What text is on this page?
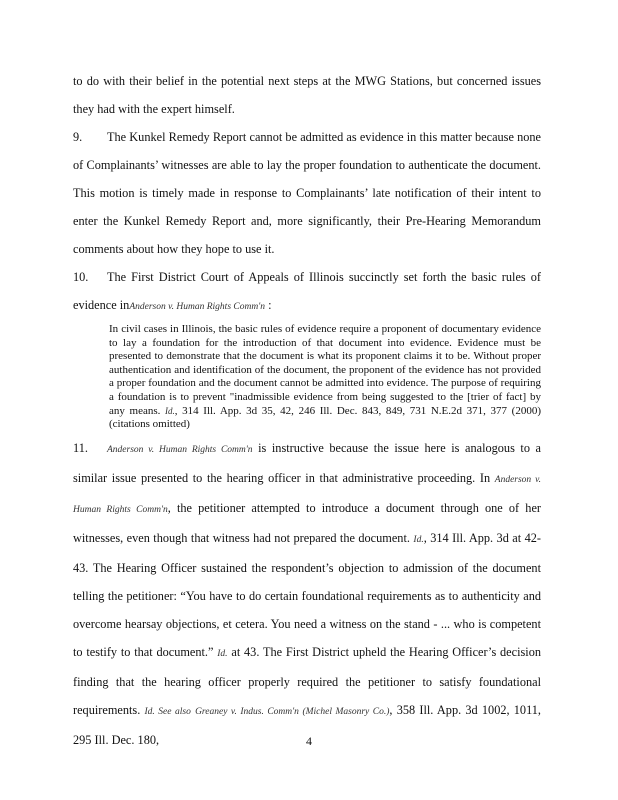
to do with their belief in the potential next steps at the MWG Stations, but concerned issues they had with the expert himself.

9. The Kunkel Remedy Report cannot be admitted as evidence in this matter because none of Complainants’ witnesses are able to lay the proper foundation to authenticate the document. This motion is timely made in response to Complainants’ late notification of their intent to enter the Kunkel Remedy Report and, more significantly, their Pre-Hearing Memorandum comments about how they hope to use it.

10. The First District Court of Appeals of Illinois succinctly set forth the basic rules of evidence inAnderson v. Human Rights Comm'n :

In civil cases in Illinois, the basic rules of evidence require a proponent of documentary evidence to lay a foundation for the introduction of that document into evidence. Evidence must be presented to demonstrate that the document is what its proponent claims it to be. Without proper authentication and identification of the document, the proponent of the evidence has not provided a proper foundation and the document cannot be admitted into evidence. The purpose of requiring a foundation is to prevent "inadmissible evidence from being suggested to the [trier of fact] by any means. Id., 314 Ill. App. 3d 35, 42, 246 Ill. Dec. 843, 849, 731 N.E.2d 371, 377 (2000) (citations omitted)

11. Anderson v. Human Rights Comm'n is instructive because the issue here is analogous to a similar issue presented to the hearing officer in that administrative proceeding. In Anderson v. Human Rights Comm'n, the petitioner attempted to introduce a document through one of her witnesses, even though that witness had not prepared the document. Id., 314 Ill. App. 3d at 42-43. The Hearing Officer sustained the respondent’s objection to admission of the document telling the petitioner: “You have to do certain foundational requirements as to authenticity and overcome hearsay objections, et cetera. You need a witness on the stand - ... who is competent to testify to that document.” Id. at 43. The First District upheld the Hearing Officer’s decision finding that the hearing officer properly required the petitioner to satisfy foundational requirements. Id. See also Greaney v. Indus. Comm'n (Michel Masonry Co.), 358 Ill. App. 3d 1002, 1011, 295 Ill. Dec. 180,	4
